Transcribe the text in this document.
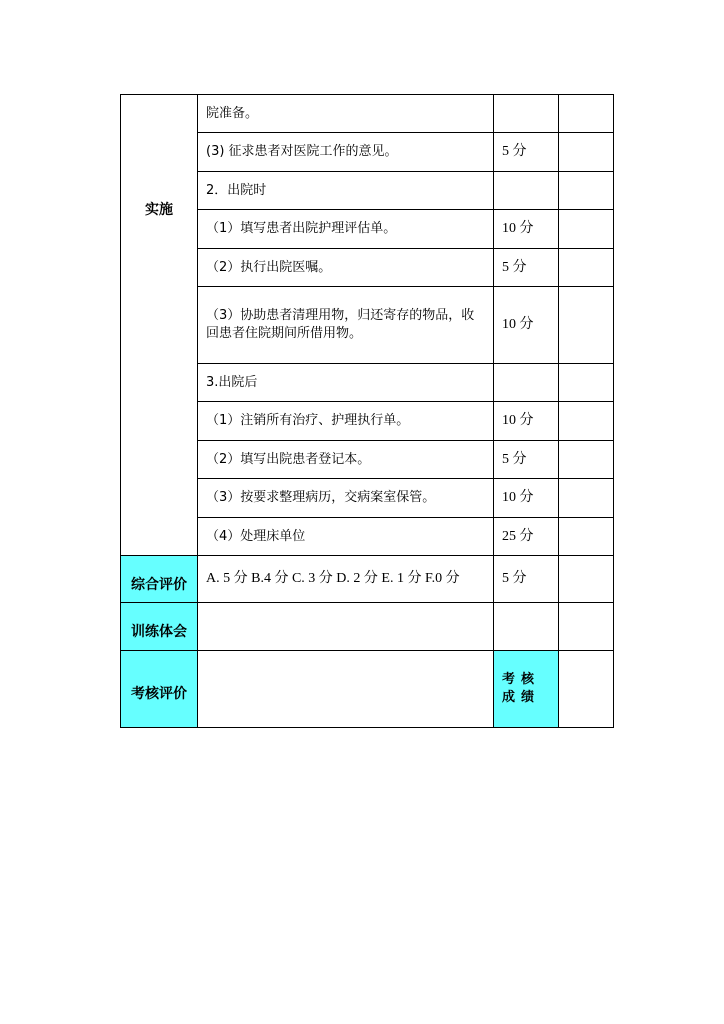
实施	院准备。		
	(3) 征求患者对医院工作的意见。	5 分	
	2．出院时		
	（1）填写患者出院护理评估单。	10 分	
	（2）执行出院医嘱。	5 分	
	（3）协助患者清理用物，归还寄存的物品，收回患者住院期间所借用物。	10 分	
	3.出院后		
	（1）注销所有治疗、护理执行单。	10 分	
	（2）填写出院患者登记本。	5 分	
	（3）按要求整理病历，交病案室保管。	10 分	
	（4）处理床单位	25 分	
综合评价	A. 5 分 B.4 分 C. 3 分 D. 2 分 E. 1 分 F.0 分	5 分	
训练体会			
考核评价		考核成绩	
